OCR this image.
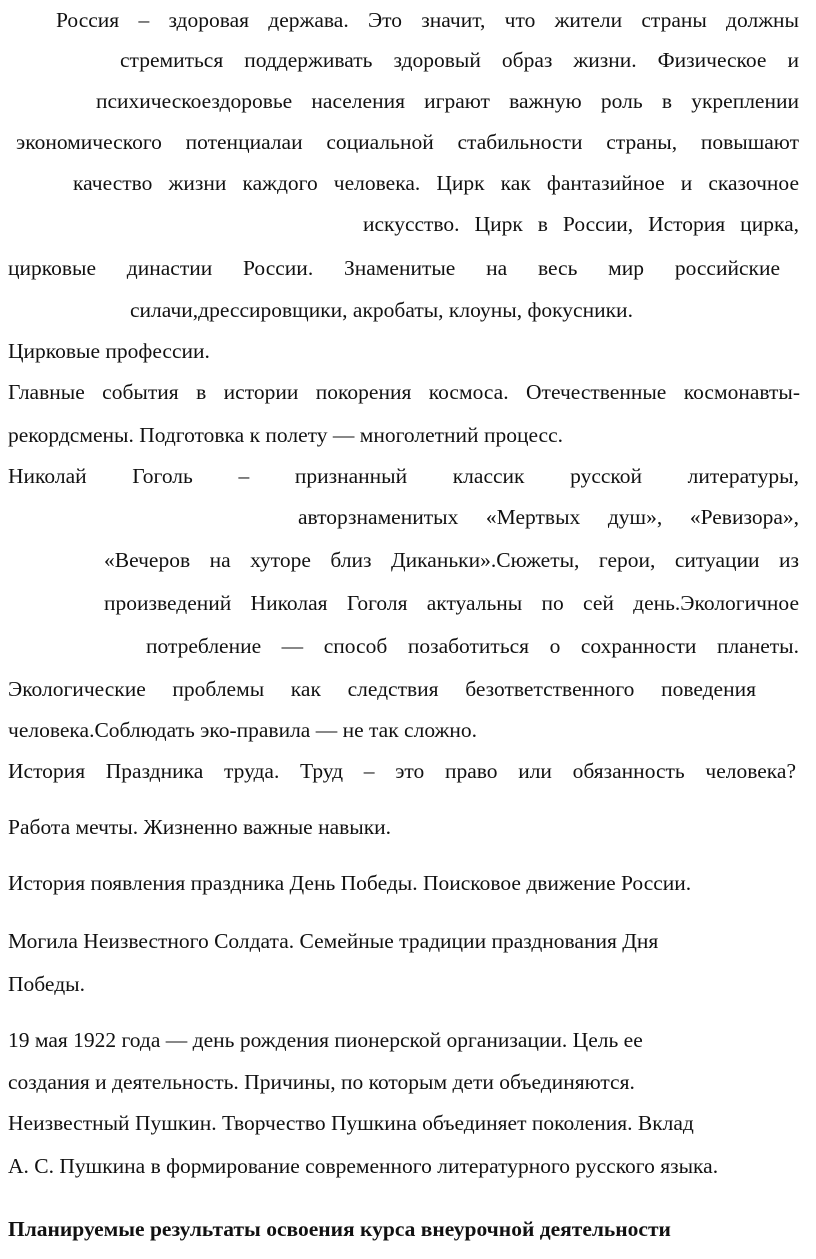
Россия – здоровая держава. Это значит, что жители страны должны

стремиться поддерживать здоровый образ жизни. Физическое и

психическоездоровье населения играют важную роль в укреплении

экономического потенциалаи социальной стабильности страны, повышают

качество жизни каждого человека. Цирк как фантазийное и сказочное

искусство. Цирк в России, История цирка,

цирковые династии России. Знаменитые на весь мир российские

силачи,дрессировщики, акробаты, клоуны, фокусники.

Цирковые профессии.

Главные события в истории покорения космоса. Отечественные космонавты-

рекордсмены. Подготовка к полету — многолетний процесс.

Николай Гоголь – признанный классик русской литературы,

авторзнаменитых «Мертвых душ», «Ревизора»,

«Вечеров на хуторе близ Диканьки».Сюжеты, герои, ситуации из

произведений Николая Гоголя актуальны по сей день.Экологичное

потребление — способ позаботиться о сохранности планеты.

Экологические проблемы как следствия безответственного поведения

человека.Соблюдать эко-правила — не так сложно.

История Праздника труда. Труд – это право или обязанность человека?

Работа мечты. Жизненно важные навыки.

История появления праздника День Победы. Поисковое движение России.

Могила Неизвестного Солдата. Семейные традиции празднования Дня

Победы.

19 мая 1922 года — день рождения пионерской организации. Цель ее

создания и деятельность. Причины, по которым дети объединяются.

Неизвестный Пушкин. Творчество Пушкина объединяет поколения. Вклад

А. С. Пушкина в формирование современного литературного русского языка.

Планируемые результаты освоения курса внеурочной деятельности
